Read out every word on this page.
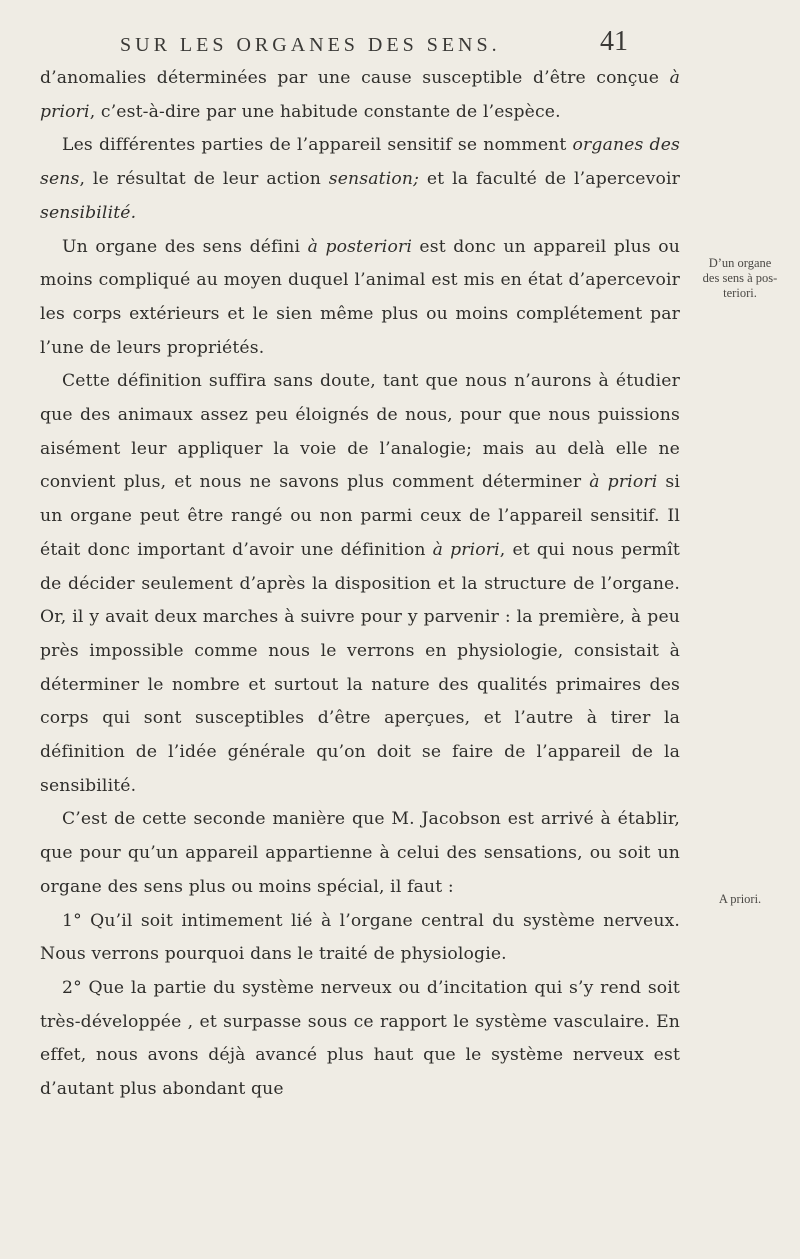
SUR LES ORGANES DES SENS.	41

d’anomalies déterminées par une cause susceptible d’être conçue à priori, c’est-à-dire par une habitude constante de l’espèce.

Les différentes parties de l’appareil sensitif se nomment organes des sens, le résultat de leur action sensation; et la faculté de l’apercevoir sensibilité.

Un organe des sens défini à posteriori est donc un appareil plus ou moins compliqué au moyen duquel l’animal est mis en état d’apercevoir les corps extérieurs et le sien même plus ou moins complétement par l’une de leurs propriétés.

Cette définition suffira sans doute, tant que nous n’aurons à étudier que des animaux assez peu éloignés de nous, pour que nous puissions aisément leur appliquer la voie de l’analogie; mais au delà elle ne convient plus, et nous ne savons plus comment déterminer à priori si un organe peut être rangé ou non parmi ceux de l’appareil sensitif. Il était donc important d’avoir une définition à priori, et qui nous permît de décider seulement d’après la disposition et la structure de l’organe. Or, il y avait deux marches à suivre pour y parvenir : la première, à peu près impossible comme nous le verrons en physiologie, consistait à déterminer le nombre et surtout la nature des qualités primaires des corps qui sont susceptibles d’être aperçues, et l’autre à tirer la définition de l’idée générale qu’on doit se faire de l’appareil de la sensibilité.

C’est de cette seconde manière que M. Jacobson est arrivé à établir, que pour qu’un appareil appartienne à celui des sensations, ou soit un organe des sens plus ou moins spécial, il faut :

1° Qu’il soit intimement lié à l’organe central du système nerveux. Nous verrons pourquoi dans le traité de physiologie.

2° Que la partie du système nerveux ou d’incitation qui s’y rend soit très-développée , et surpasse sous ce rapport le système vasculaire. En effet, nous avons déjà avancé plus haut que le système nerveux est d’autant plus abondant que

D’un organe
des sens à pos-
teriori.
A priori.
